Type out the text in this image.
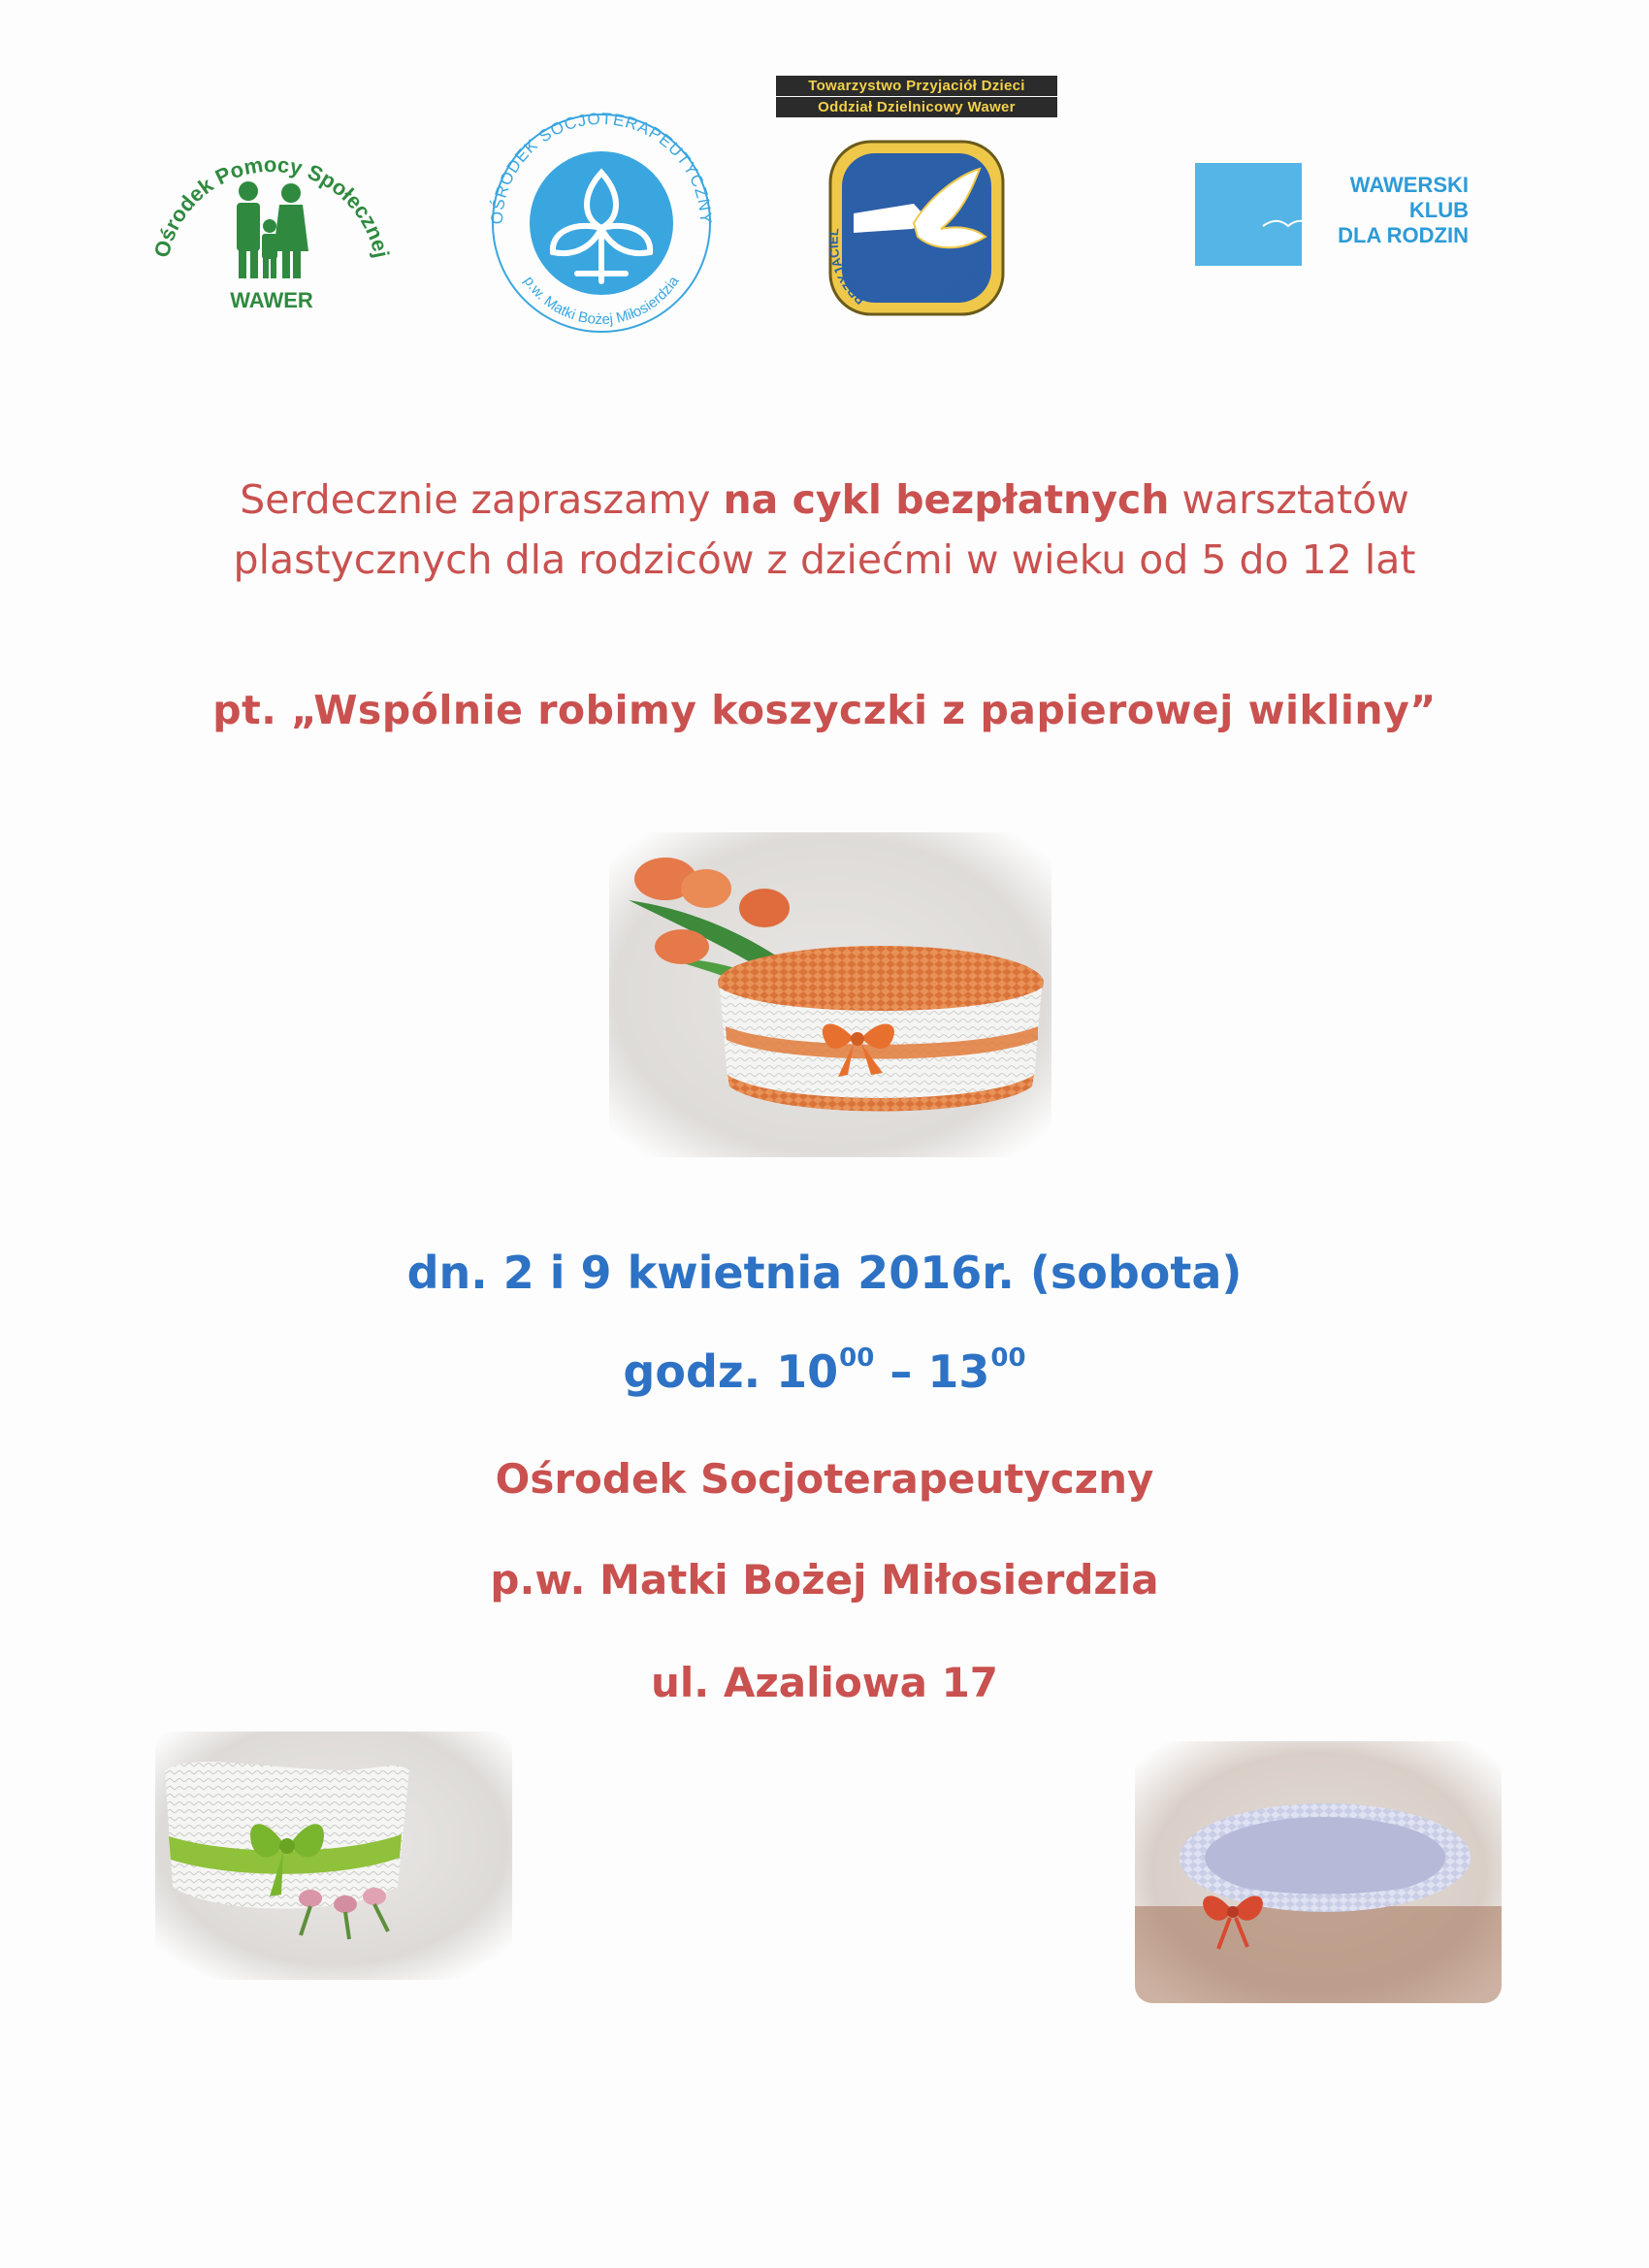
Ośrodek Pomocy Społecznej
WAWER
OŚRODEK SOCJOTERAPEUTYCZNY
p.w. Matki Bożej Miłosierdzia
Towarzystwo Przyjaciół Dzieci
Oddział Dzielnicowy Wawer
PRZYJACIEL
DZIECKA
WAWERSKI
KLUB
DLA RODZIN
Serdecznie zapraszamy na cykl bezpłatnych warsztatów
plastycznych dla rodziców z dziećmi w wieku od 5 do 12 lat
pt. „Wspólnie robimy koszyczki z papierowej wikliny”
dn. 2 i 9 kwietnia 2016r. (sobota)
godz. $10^{00} - 13^{00}$
Ośrodek Socjoterapeutyczny
p.w. Matki Bożej Miłosierdzia
ul. Azaliowa 17
